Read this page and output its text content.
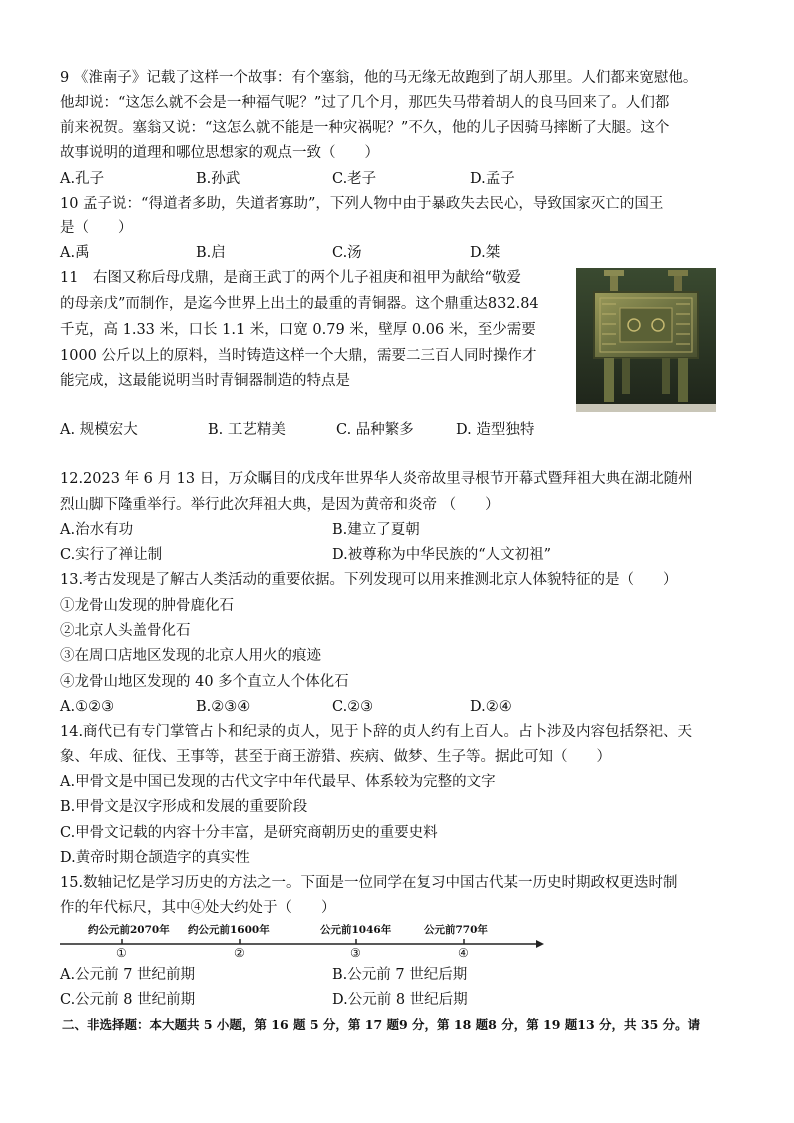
9 《淮南子》记载了这样一个故事：有个塞翁，他的马无缘无故跑到了胡人那里。人们都来宽慰他。
他却说：“这怎么就不会是一种福气呢？”过了几个月，那匹失马带着胡人的良马回来了。人们都
前来祝贺。塞翁又说：“这怎么就不能是一种灾祸呢？”不久，他的儿子因骑马摔断了大腿。这个
故事说明的道理和哪位思想家的观点一致（　　）
A.孔子	B.孙武	C.老子	D.孟子
10 孟子说：“得道者多助，失道者寡助”，下列人物中由于暴政失去民心，导致国家灭亡的国王
是（　　）
A.禹	B.启	C.汤	D.桀
11　右图又称后母戊鼎，是商王武丁的两个儿子祖庚和祖甲为献给“敬爱
的母亲戊”而制作，是迄今世界上出土的最重的青铜器。这个鼎重达832.84
千克，高 1.33 米，口长 1.1 米，口宽 0.79 米，壁厚 0.06 米，至少需要
1000 公斤以上的原料，当时铸造这样一个大鼎，需要二三百人同时操作才
能完成，这最能说明当时青铜器制造的特点是
A. 规模宏大	B. 工艺精美	C. 品种繁多	D. 造型独特
12.2023 年 6 月 13 日，万众瞩目的戊戌年世界华人炎帝故里寻根节开幕式暨拜祖大典在湖北随州
烈山脚下隆重举行。举行此次拜祖大典，是因为黄帝和炎帝 （　　）
A.治水有功	B.建立了夏朝
C.实行了禅让制	D.被尊称为中华民族的“人文初祖”
13.考古发现是了解古人类活动的重要依据。下列发现可以用来推测北京人体貌特征的是（　　）
①龙骨山发现的肿骨鹿化石
②北京人头盖骨化石
③在周口店地区发现的北京人用火的痕迹
④龙骨山地区发现的 40 多个直立人个体化石
A.①②③	B.②③④	C.②③	D.②④
14.商代已有专门掌管占卜和纪录的贞人，见于卜辞的贞人约有上百人。占卜涉及内容包括祭祀、天
象、年成、征伐、王事等，甚至于商王游猎、疾病、做梦、生子等。据此可知（　　）
A.甲骨文是中国已发现的古代文字中年代最早、体系较为完整的文字
B.甲骨文是汉字形成和发展的重要阶段
C.甲骨文记载的内容十分丰富，是研究商朝历史的重要史料
D.黄帝时期仓颉造字的真实性
15.数轴记忆是学习历史的方法之一。下面是一位同学在复习中国古代某一历史时期政权更迭时制
作的年代标尺，其中④处大约处于（　　）
约公元前2070年 约公元前1600年	公元前1046年	公元前770年
①	②	③	④
A.公元前 7 世纪前期	B.公元前 7 世纪后期
C.公元前 8 世纪前期	D.公元前 8 世纪后期
二、非选择题：本大题共 5 小题，第 16 题 5 分，第 17 题9 分，第 18 题8 分，第 19 题13 分，共 35 分。请
